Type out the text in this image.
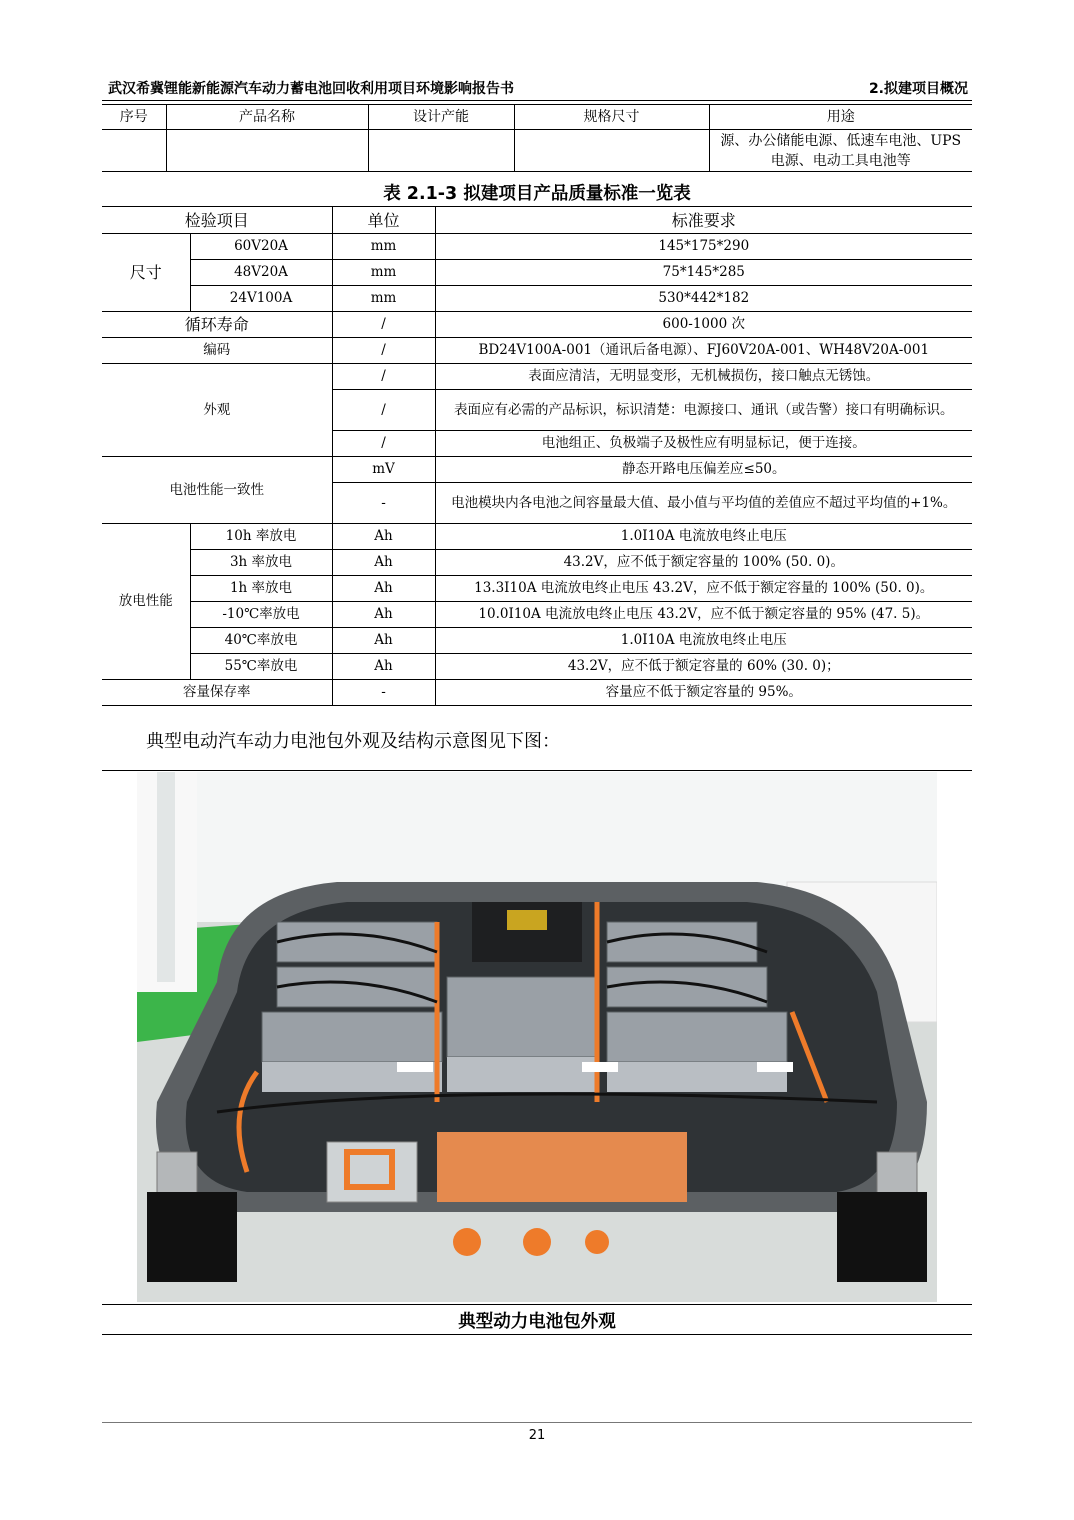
武汉希冀锂能新能源汽车动力蓄电池回收利用项目环境影响报告书	2.拟建项目概况
序号	产品名称	设计产能	规格尺寸	用途
				源、办公储能电源、低速车电池、UPS 电源、电动工具电池等
表 2.1-3 拟建项目产品质量标准一览表
检验项目		单位	标准要求
尺寸	60V20A	mm	145*175*290
	48V20A	mm	75*145*285
	24V100A	mm	530*442*182
循环寿命		/	600-1000 次
编码		/	BD24V100A-001（通讯后备电源）、FJ60V20A-001、WH48V20A-001
外观		/	表面应清洁，无明显变形，无机械损伤，接口触点无锈蚀。
		/	表面应有必需的产品标识，标识清楚：电源接口、通讯（或告警）接口有明确标识。
		/	电池组正、负极端子及极性应有明显标记，便于连接。
电池性能一致性		mV	静态开路电压偏差应≤50。
		-	电池模块内各电池之间容量最大值、最小值与平均值的差值应不超过平均值的+1%。
放电性能	10h 率放电	Ah	1.0I10A 电流放电终止电压
	3h 率放电	Ah	43.2V，应不低于额定容量的 100% (50. 0)。
	1h 率放电	Ah	13.3I10A 电流放电终止电压 43.2V，应不低于额定容量的 100% (50. 0)。
	-10℃率放电	Ah	10.0I10A 电流放电终止电压 43.2V，应不低于额定容量的 95% (47. 5)。
	40℃率放电	Ah	1.0I10A 电流放电终止电压
	55℃率放电	Ah	43.2V，应不低于额定容量的 60% (30. 0)；
容量保存率		-	容量应不低于额定容量的 95%。
典型电动汽车动力电池包外观及结构示意图见下图：
典型动力电池包外观
21
